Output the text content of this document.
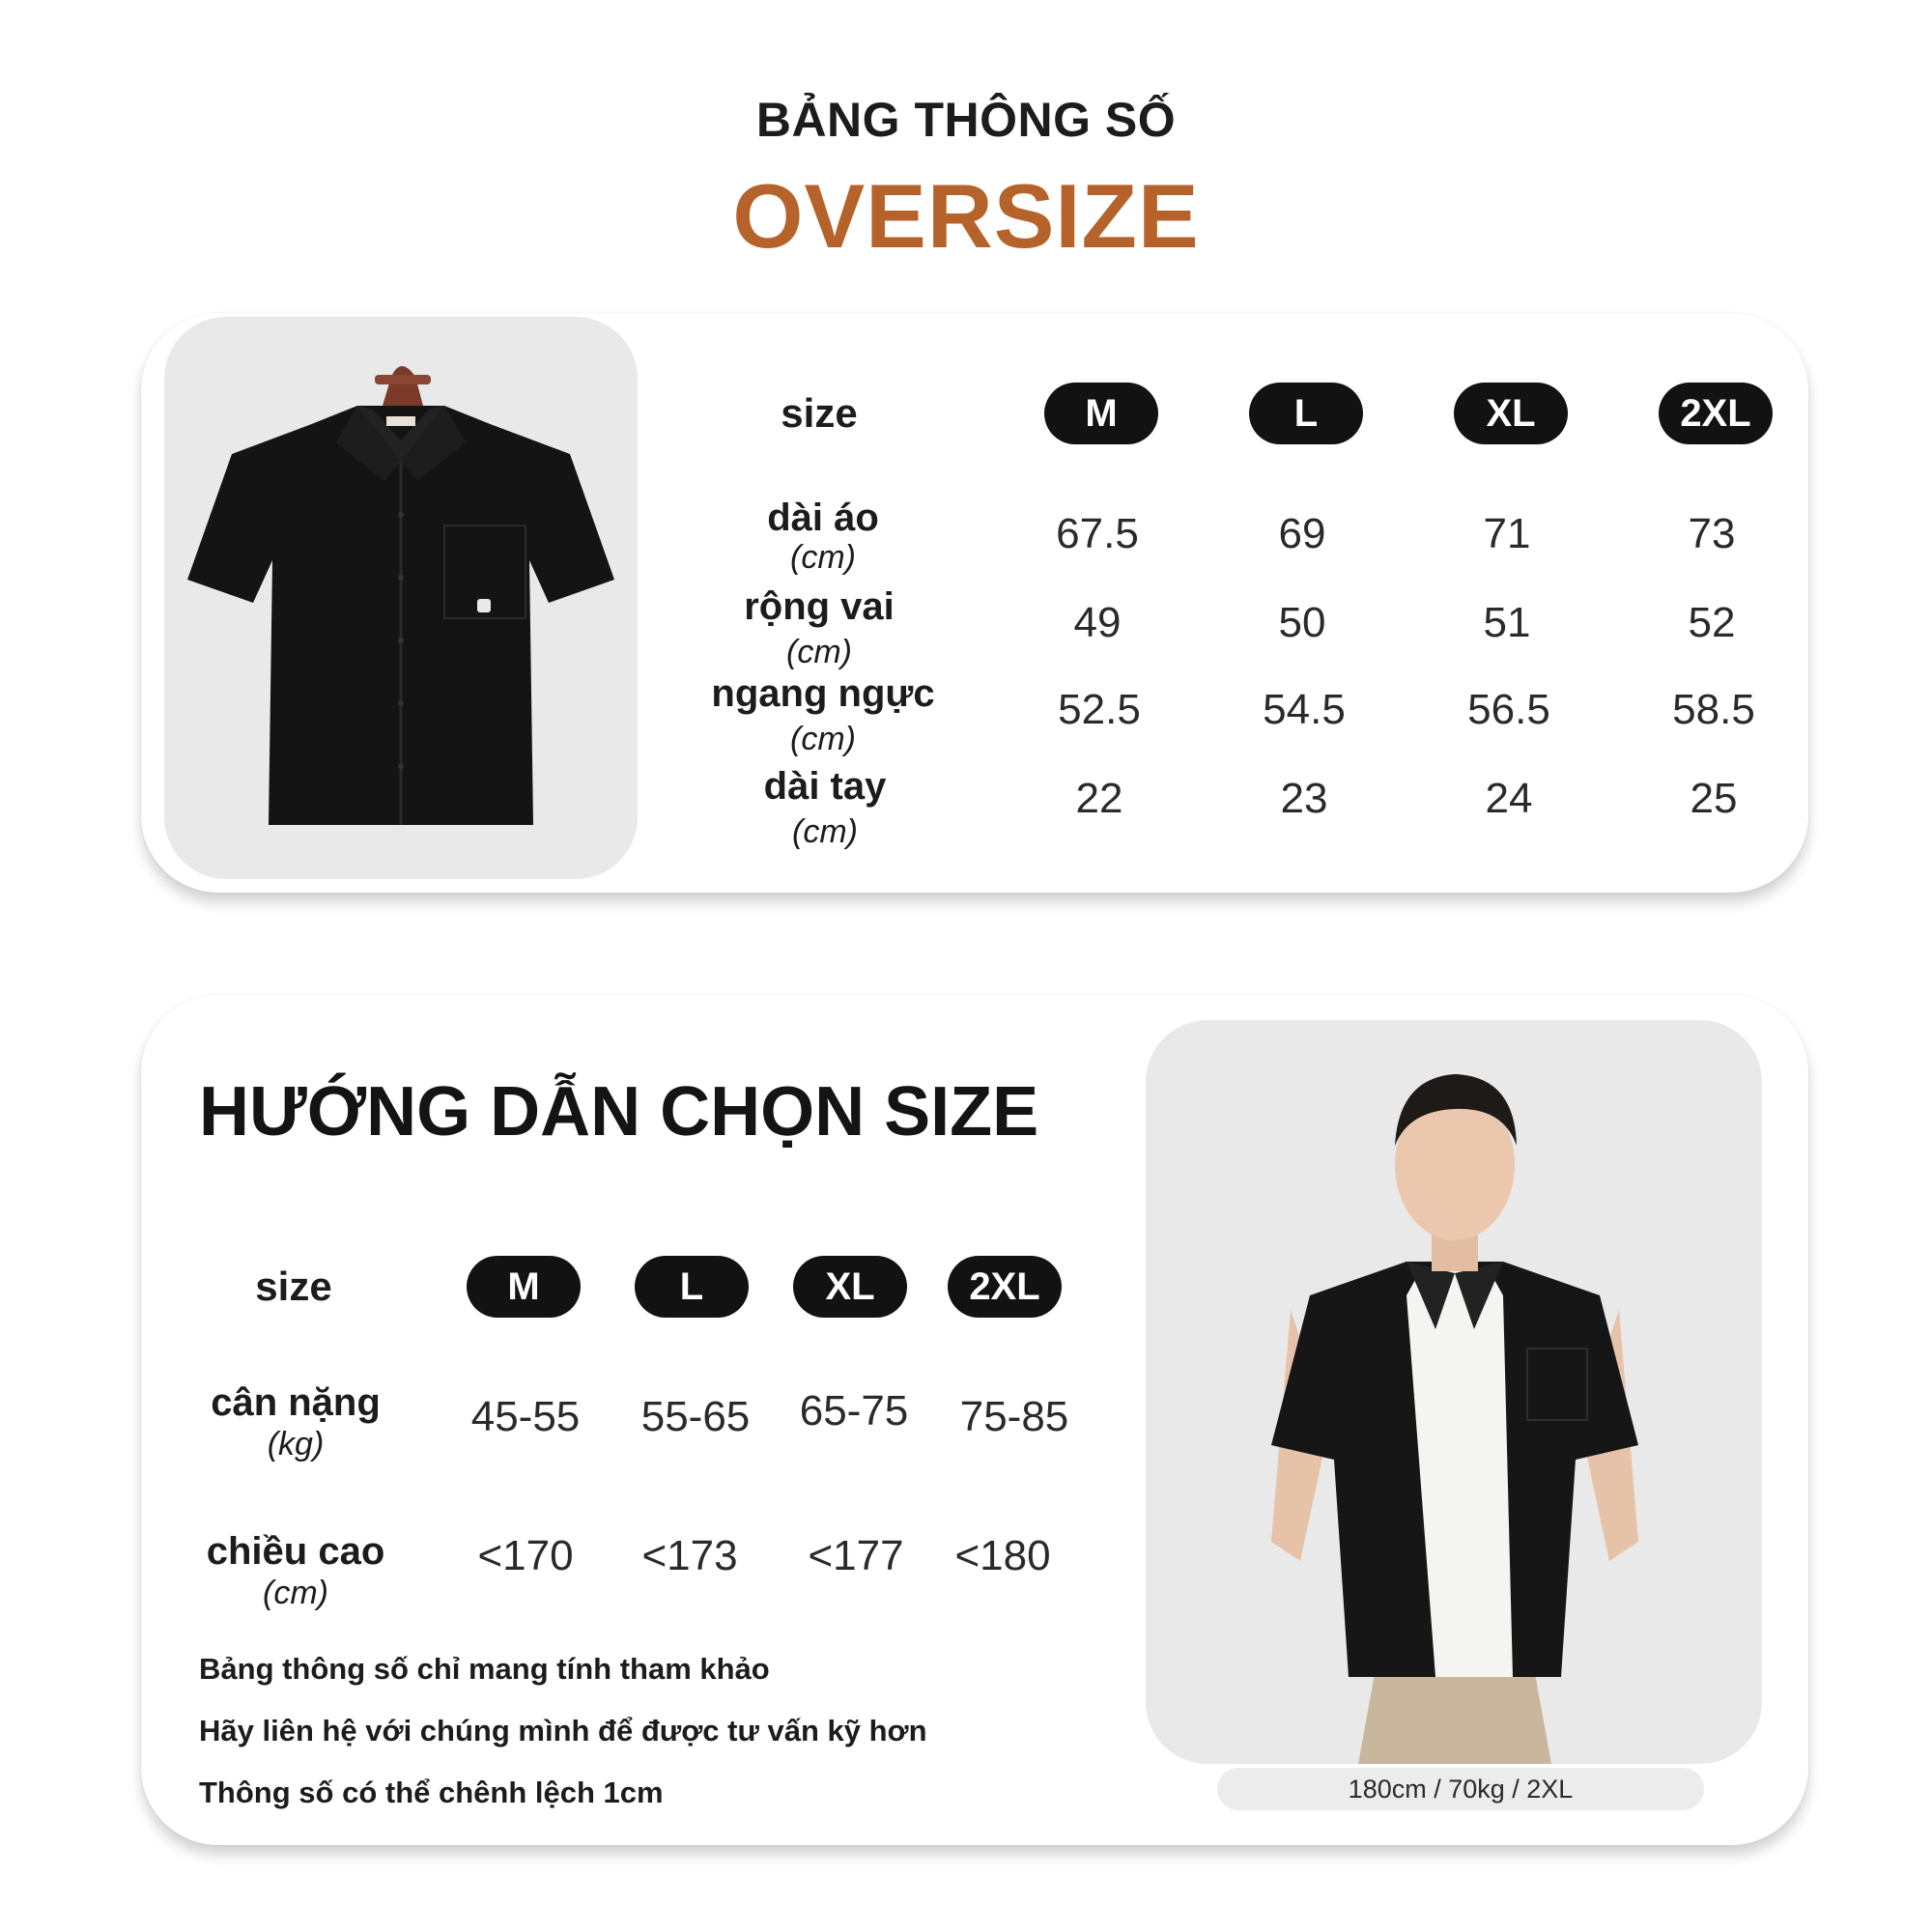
BẢNG THÔNG SỐ
OVERSIZE
size	M	L	XL	2XL
dài áo
(cm)	67.5	69	71	73
rộng vai
(cm)
49	50	51	52
ngang ngực
(cm)
52.5	54.5	56.5	58.5
dài tay
(cm)
22	23	24	25
HƯỚNG DẪN CHỌN SIZE
size	M	L	XL	2XL
cân nặng
(kg)
45-55 55-65 65-75 75-85
chiều cao
(cm)
<170 <173 <177 <180
Bảng thông số chỉ mang tính tham khảo
Hãy liên hệ với chúng mình để được tư vấn kỹ hơn
Thông số có thể chênh lệch 1cm	180cm / 70kg / 2XL
